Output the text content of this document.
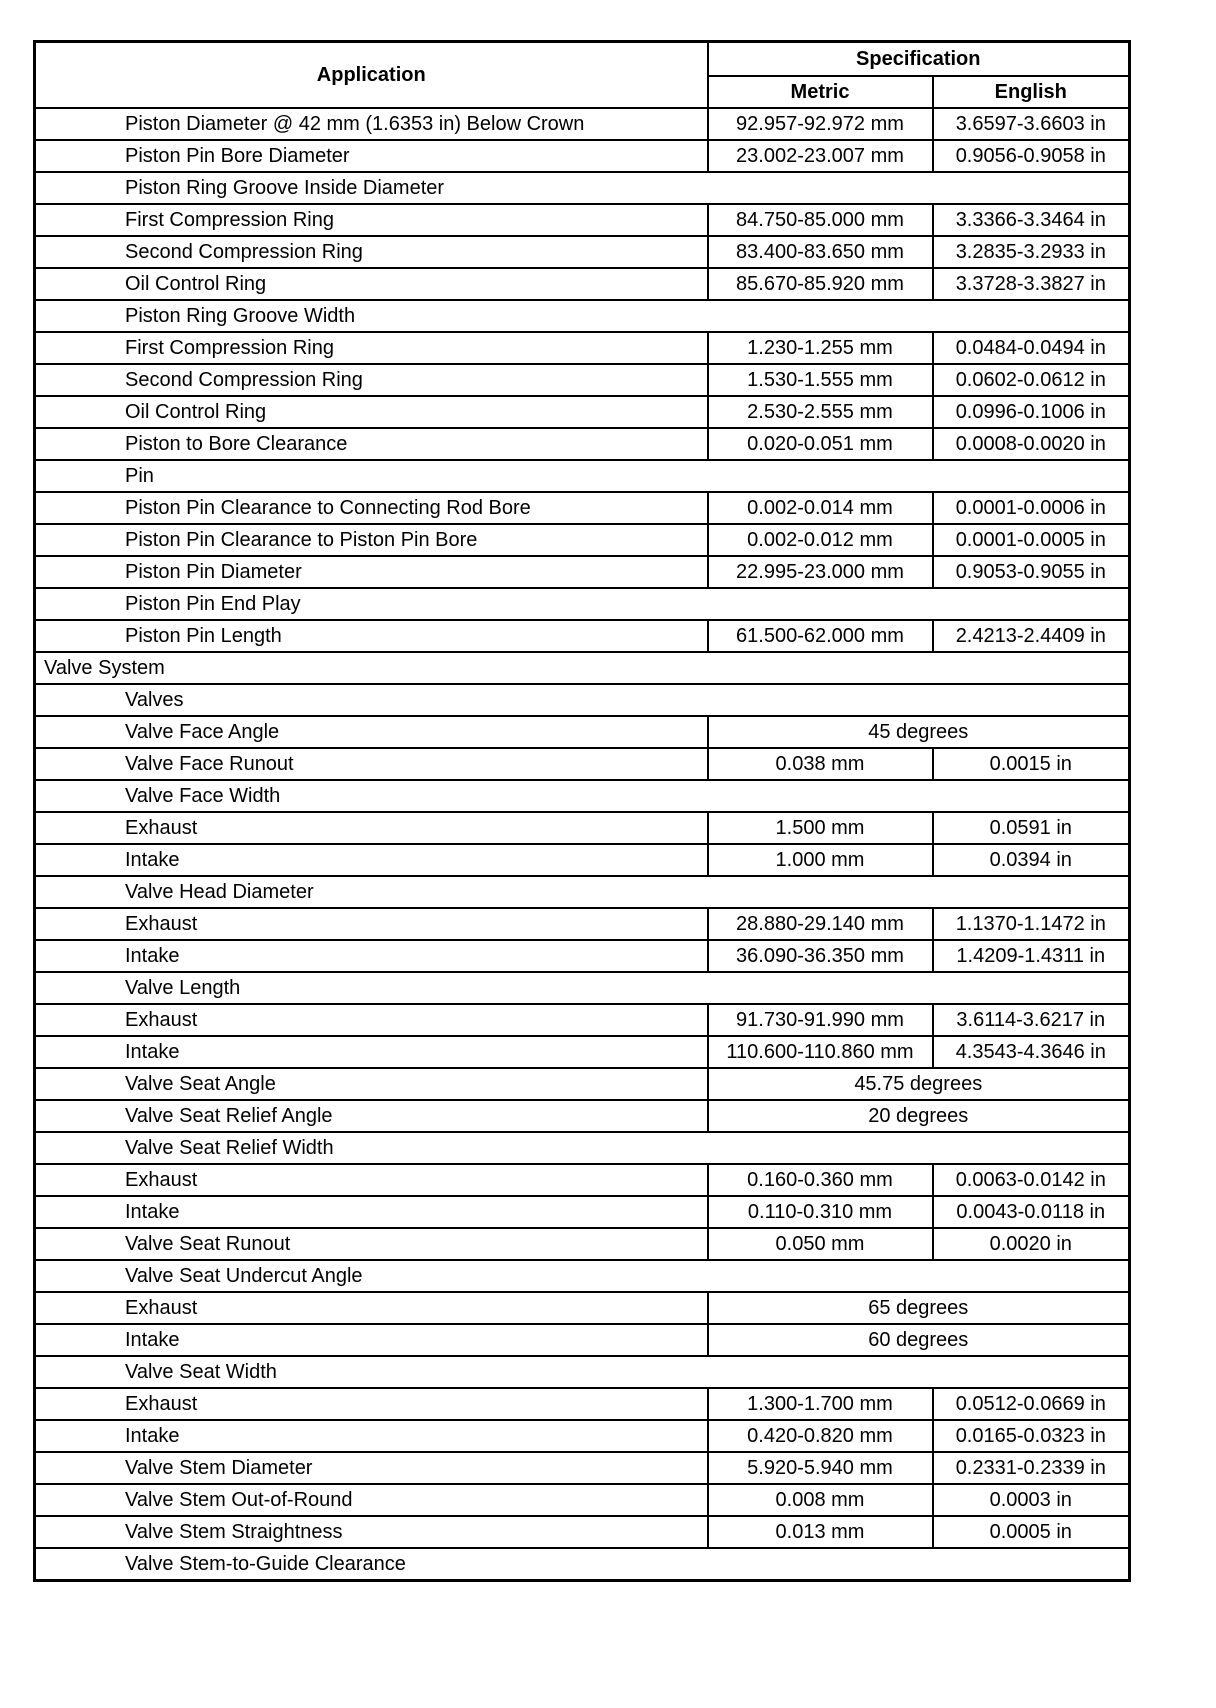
Application	Specification	
	Metric	English
Piston Diameter @ 42 mm (1.6353 in) Below Crown	92.957-92.972 mm	3.6597-3.6603 in
Piston Pin Bore Diameter	23.002-23.007 mm	0.9056-0.9058 in
Piston Ring Groove Inside Diameter		
First Compression Ring	84.750-85.000 mm	3.3366-3.3464 in
Second Compression Ring	83.400-83.650 mm	3.2835-3.2933 in
Oil Control Ring	85.670-85.920 mm	3.3728-3.3827 in
Piston Ring Groove Width		
First Compression Ring	1.230-1.255 mm	0.0484-0.0494 in
Second Compression Ring	1.530-1.555 mm	0.0602-0.0612 in
Oil Control Ring	2.530-2.555 mm	0.0996-0.1006 in
Piston to Bore Clearance	0.020-0.051 mm	0.0008-0.0020 in
Pin		
Piston Pin Clearance to Connecting Rod Bore	0.002-0.014 mm	0.0001-0.0006 in
Piston Pin Clearance to Piston Pin Bore	0.002-0.012 mm	0.0001-0.0005 in
Piston Pin Diameter	22.995-23.000 mm	0.9053-0.9055 in
Piston Pin End Play		
Piston Pin Length	61.500-62.000 mm	2.4213-2.4409 in
Valve System		
Valves		
Valve Face Angle	45 degrees	
Valve Face Runout	0.038 mm	0.0015 in
Valve Face Width		
Exhaust	1.500 mm	0.0591 in
Intake	1.000 mm	0.0394 in
Valve Head Diameter		
Exhaust	28.880-29.140 mm	1.1370-1.1472 in
Intake	36.090-36.350 mm	1.4209-1.4311 in
Valve Length		
Exhaust	91.730-91.990 mm	3.6114-3.6217 in
Intake	110.600-110.860 mm	4.3543-4.3646 in
Valve Seat Angle	45.75 degrees	
Valve Seat Relief Angle	20 degrees	
Valve Seat Relief Width		
Exhaust	0.160-0.360 mm	0.0063-0.0142 in
Intake	0.110-0.310 mm	0.0043-0.0118 in
Valve Seat Runout	0.050 mm	0.0020 in
Valve Seat Undercut Angle		
Exhaust	65 degrees	
Intake	60 degrees	
Valve Seat Width		
Exhaust	1.300-1.700 mm	0.0512-0.0669 in
Intake	0.420-0.820 mm	0.0165-0.0323 in
Valve Stem Diameter	5.920-5.940 mm	0.2331-0.2339 in
Valve Stem Out-of-Round	0.008 mm	0.0003 in
Valve Stem Straightness	0.013 mm	0.0005 in
Valve Stem-to-Guide Clearance		
